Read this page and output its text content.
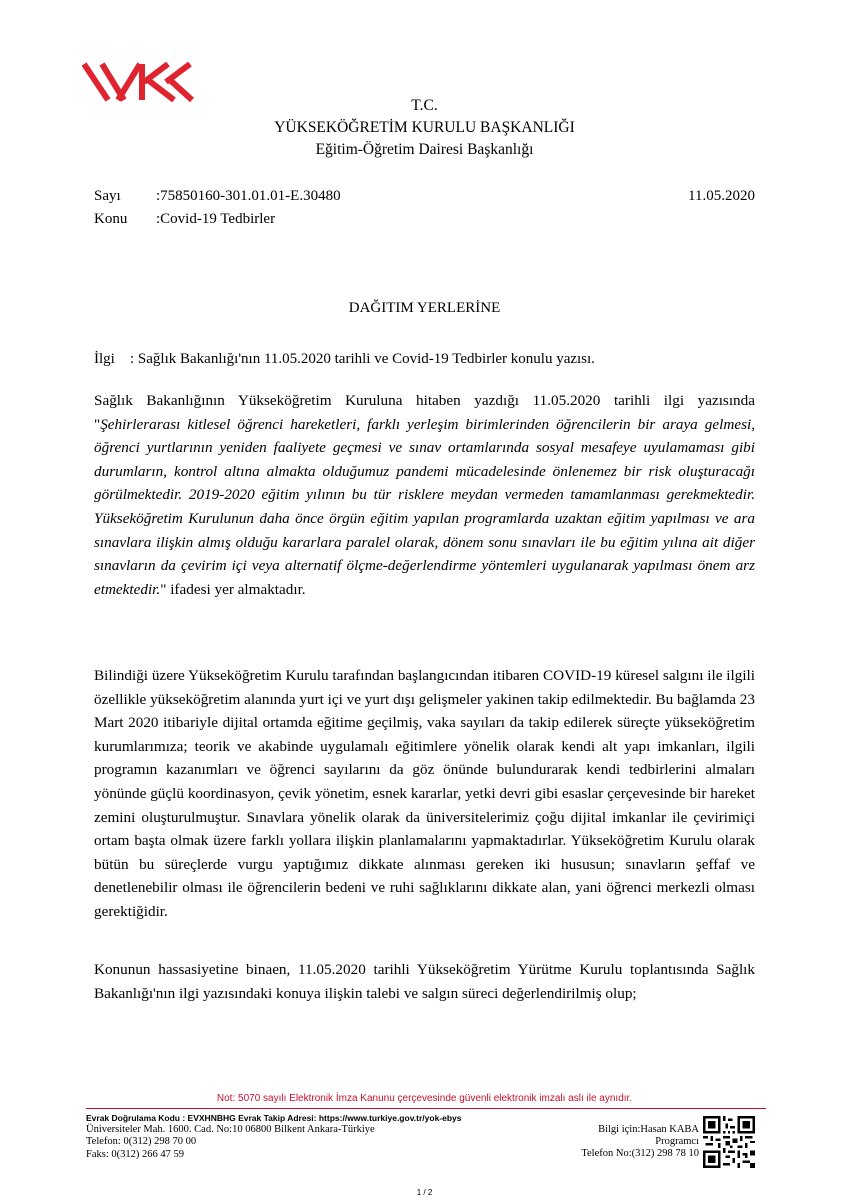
T.C.
YÜKSEKÖĞRETİM KURULU BAŞKANLIĞI
Eğitim-Öğretim Dairesi Başkanlığı
Sayı :75850160-301.01.01-E.30480
Konu :Covid-19 Tedbirler
11.05.2020
DAĞITIM YERLERİNE
İlgi : Sağlık Bakanlığı'nın 11.05.2020 tarihli ve Covid-19 Tedbirler konulu yazısı.
Sağlık Bakanlığının Yükseköğretim Kuruluna hitaben yazdığı 11.05.2020 tarihli ilgi yazısında "Şehirlerarası kitlesel öğrenci hareketleri, farklı yerleşim birimlerinden öğrencilerin bir araya gelmesi, öğrenci yurtlarının yeniden faaliyete geçmesi ve sınav ortamlarında sosyal mesafeye uyulamaması gibi durumların, kontrol altına almakta olduğumuz pandemi mücadelesinde önlenemez bir risk oluşturacağı görülmektedir. 2019-2020 eğitim yılının bu tür risklere meydan vermeden tamamlanması gerekmektedir. Yükseköğretim Kurulunun daha önce örgün eğitim yapılan programlarda uzaktan eğitim yapılması ve ara sınavlara ilişkin almış olduğu kararlara paralel olarak, dönem sonu sınavları ile bu eğitim yılına ait diğer sınavların da çevirim içi veya alternatif ölçme-değerlendirme yöntemleri uygulanarak yapılması önem arz etmektedir." ifadesi yer almaktadır.
Bilindiği üzere Yükseköğretim Kurulu tarafından başlangıcından itibaren COVID-19 küresel salgını ile ilgili özellikle yükseköğretim alanında yurt içi ve yurt dışı gelişmeler yakinen takip edilmektedir. Bu bağlamda 23 Mart 2020 itibariyle dijital ortamda eğitime geçilmiş, vaka sayıları da takip edilerek süreçte yükseköğretim kurumlarımıza; teorik ve akabinde uygulamalı eğitimlere yönelik olarak kendi alt yapı imkanları, ilgili programın kazanımları ve öğrenci sayılarını da göz önünde bulundurarak kendi tedbirlerini almaları yönünde güçlü koordinasyon, çevik yönetim, esnek kararlar, yetki devri gibi esaslar çerçevesinde bir hareket zemini oluşturulmuştur. Sınavlara yönelik olarak da üniversitelerimiz çoğu dijital imkanlar ile çevirimiçi ortam başta olmak üzere farklı yollara ilişkin planlamalarını yapmaktadırlar. Yükseköğretim Kurulu olarak bütün bu süreçlerde vurgu yaptığımız dikkate alınması gereken iki hususun; sınavların şeffaf ve denetlenebilir olması ile öğrencilerin bedeni ve ruhi sağlıklarını dikkate alan, yani öğrenci merkezli olması gerektiğidir.
Konunun hassasiyetine binaen, 11.05.2020 tarihli Yükseköğretim Yürütme Kurulu toplantısında Sağlık Bakanlığı'nın ilgi yazısındaki konuya ilişkin talebi ve salgın süreci değerlendirilmiş olup;
Not: 5070 sayılı Elektronik İmza Kanunu çerçevesinde güvenli elektronik imzalı aslı ile aynıdır.
Evrak Doğrulama Kodu : EVXHNBHG Evrak Takip Adresi: https://www.turkiye.gov.tr/yok-ebys
Üniversiteler Mah. 1600. Cad. No:10 06800 Bilkent Ankara-Türkiye
Telefon: 0(312) 298 70 00
Faks: 0(312) 266 47 59
Bilgi için:Hasan KABA
Programcı
Telefon No:(312) 298 78 10
1 / 2
